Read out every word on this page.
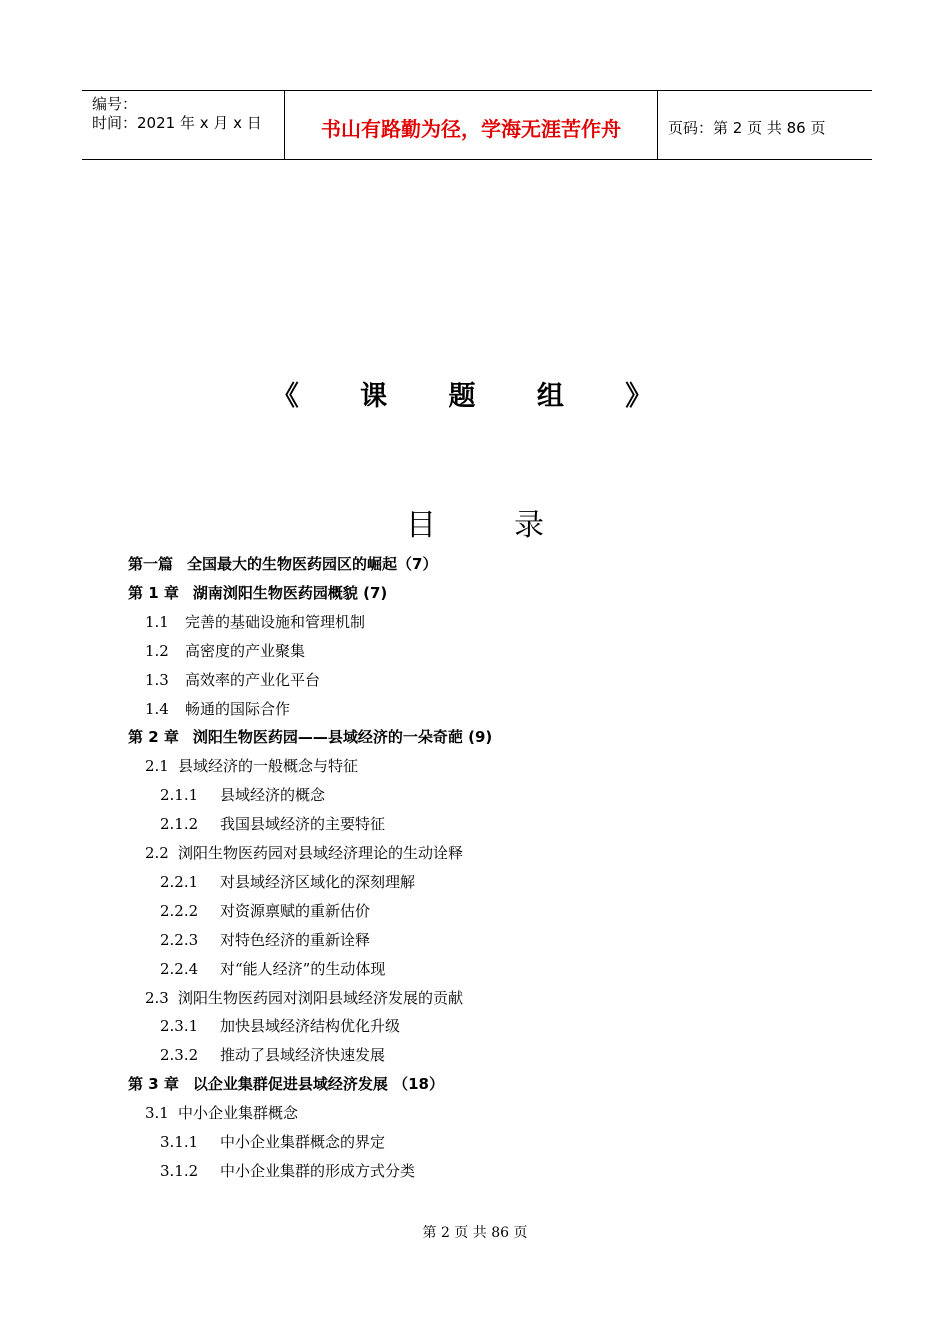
编号：
时间：2021 年 x 月 x 日	书山有路勤为径，学海无涯苦作舟	页码：第 2 页 共 86 页
《 课 题 组 》
目录
第一篇 全国最大的生物医药园区的崛起（7）
第 1 章 湖南浏阳生物医药园概貌 (7)
1.1 完善的基础设施和管理机制
1.2 高密度的产业聚集
1.3 高效率的产业化平台
1.4 畅通的国际合作
第 2 章 浏阳生物医药园——县域经济的一朵奇葩 (9)
2.1 县域经济的一般概念与特征
2.1.1 县域经济的概念
2.1.2 我国县域经济的主要特征
2.2 浏阳生物医药园对县域经济理论的生动诠释
2.2.1 对县域经济区域化的深刻理解
2.2.2 对资源禀赋的重新估价
2.2.3 对特色经济的重新诠释
2.2.4 对“能人经济”的生动体现
2.3 浏阳生物医药园对浏阳县域经济发展的贡献
2.3.1 加快县域经济结构优化升级
2.3.2 推动了县域经济快速发展
第 3 章 以企业集群促进县域经济发展 （18）
3.1 中小企业集群概念
3.1.1 中小企业集群概念的界定
3.1.2 中小企业集群的形成方式分类
第 2 页 共 86 页
